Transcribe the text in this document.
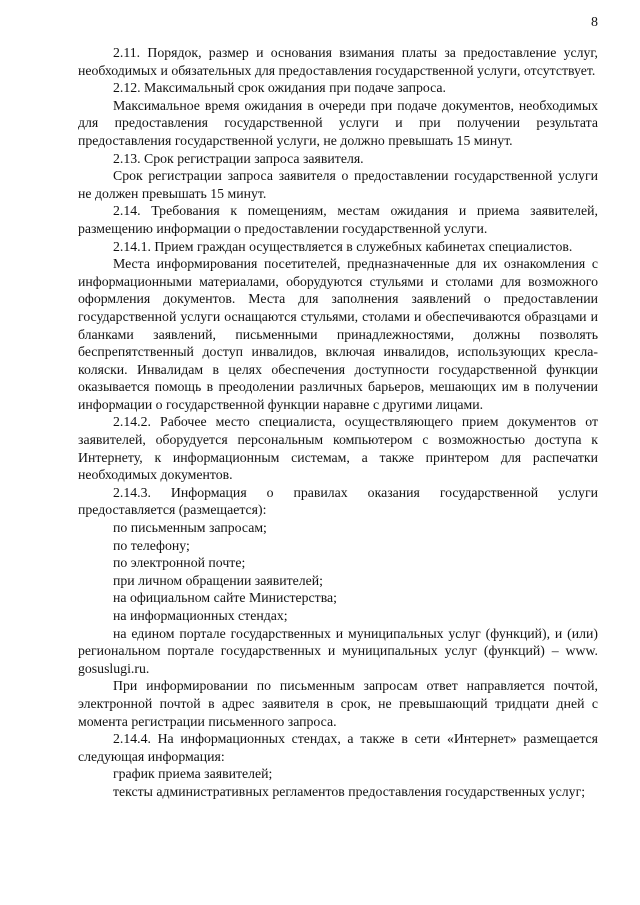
8

2.11. Порядок, размер и основания взимания платы за предоставление услуг, необходимых и обязательных для предоставления государственной услуги, отсутствует.

2.12. Максимальный срок ожидания при подаче запроса.

Максимальное время ожидания в очереди при подаче документов, необходимых для предоставления государственной услуги и при получении результата предоставления государственной услуги, не должно превышать 15 минут.

2.13. Срок регистрации запроса заявителя.

Срок регистрации запроса заявителя о предоставлении государственной услуги не должен превышать 15 минут.

2.14. Требования к помещениям, местам ожидания и приема заявителей, размещению информации о предоставлении государственной услуги.

2.14.1. Прием граждан осуществляется в служебных кабинетах специалистов.

Места информирования посетителей, предназначенные для их ознакомления с информационными материалами, оборудуются стульями и столами для возможного оформления документов. Места для заполнения заявлений о предоставлении государственной услуги оснащаются стульями, столами и обеспечиваются образцами и бланками заявлений, письменными принадлежностями, должны позволять беспрепятственный доступ инвалидов, включая инвалидов, использующих кресла-коляски. Инвалидам в целях обеспечения доступности государственной функции оказывается помощь в преодолении различных барьеров, мешающих им в получении информации о государственной функции наравне с другими лицами.

2.14.2. Рабочее место специалиста, осуществляющего прием документов от заявителей, оборудуется персональным компьютером с возможностью доступа к Интернету, к информационным системам, а также принтером для распечатки необходимых документов.

2.14.3. Информация о правилах оказания государственной услуги предоставляется (размещается):

по письменным запросам;

по телефону;

по электронной почте;

при личном обращении заявителей;

на официальном сайте Министерства;

на информационных стендах;

на едином портале государственных и муниципальных услуг (функций), и (или) региональном портале государственных и муниципальных услуг (функций) – www. gosuslugi.ru.

При информировании по письменным запросам ответ направляется почтой, электронной почтой в адрес заявителя в срок, не превышающий тридцати дней с момента регистрации письменного запроса.

2.14.4. На информационных стендах, а также в сети «Интернет» размещается следующая информация:

график приема заявителей;

тексты административных регламентов предоставления государственных услуг;
